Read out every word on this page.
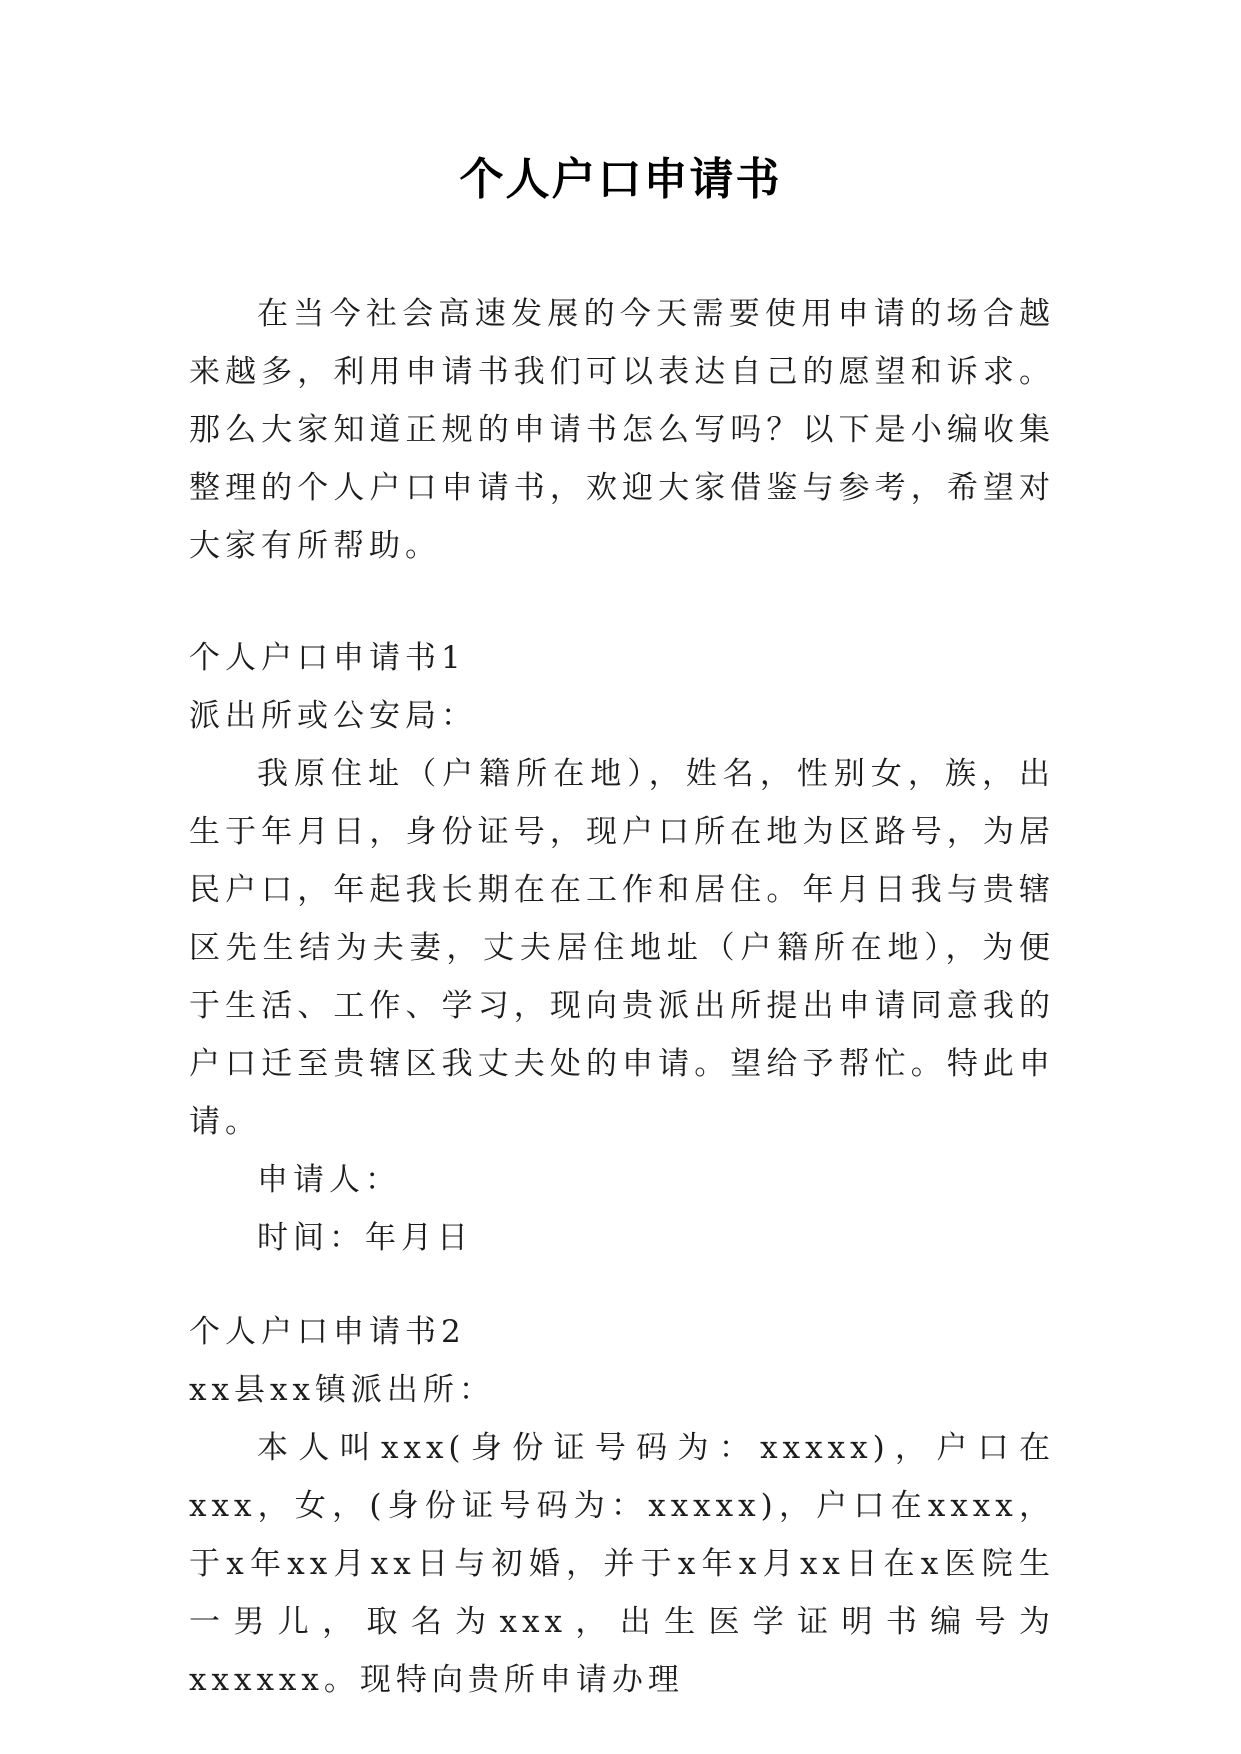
个人户口申请书

在当今社会高速发展的今天需要使用申请的场合越来越多，利用申请书我们可以表达自己的愿望和诉求。那么大家知道正规的申请书怎么写吗？以下是小编收集整理的个人户口申请书，欢迎大家借鉴与参考，希望对大家有所帮助。

个人户口申请书1

派出所或公安局：

我原住址（户籍所在地），姓名，性别女，族，出生于年月日，身份证号，现户口所在地为区路号，为居民户口，年起我长期在在工作和居住。年月日我与贵辖区先生结为夫妻，丈夫居住地址（户籍所在地），为便于生活、工作、学习，现向贵派出所提出申请同意我的户口迁至贵辖区我丈夫处的申请。望给予帮忙。特此申请。

申请人：

时间：年月日

个人户口申请书2

xx县xx镇派出所：

本人叫xxx(身份证号码为：xxxxx)，户口在xxx，女，(身份证号码为：xxxxx)，户口在xxxx，于x年xx月xx日与初婚，并于x年x月xx日在x医院生一男儿，取名为xxx，出生医学证明书编号为xxxxxx。现特向贵所申请办理
